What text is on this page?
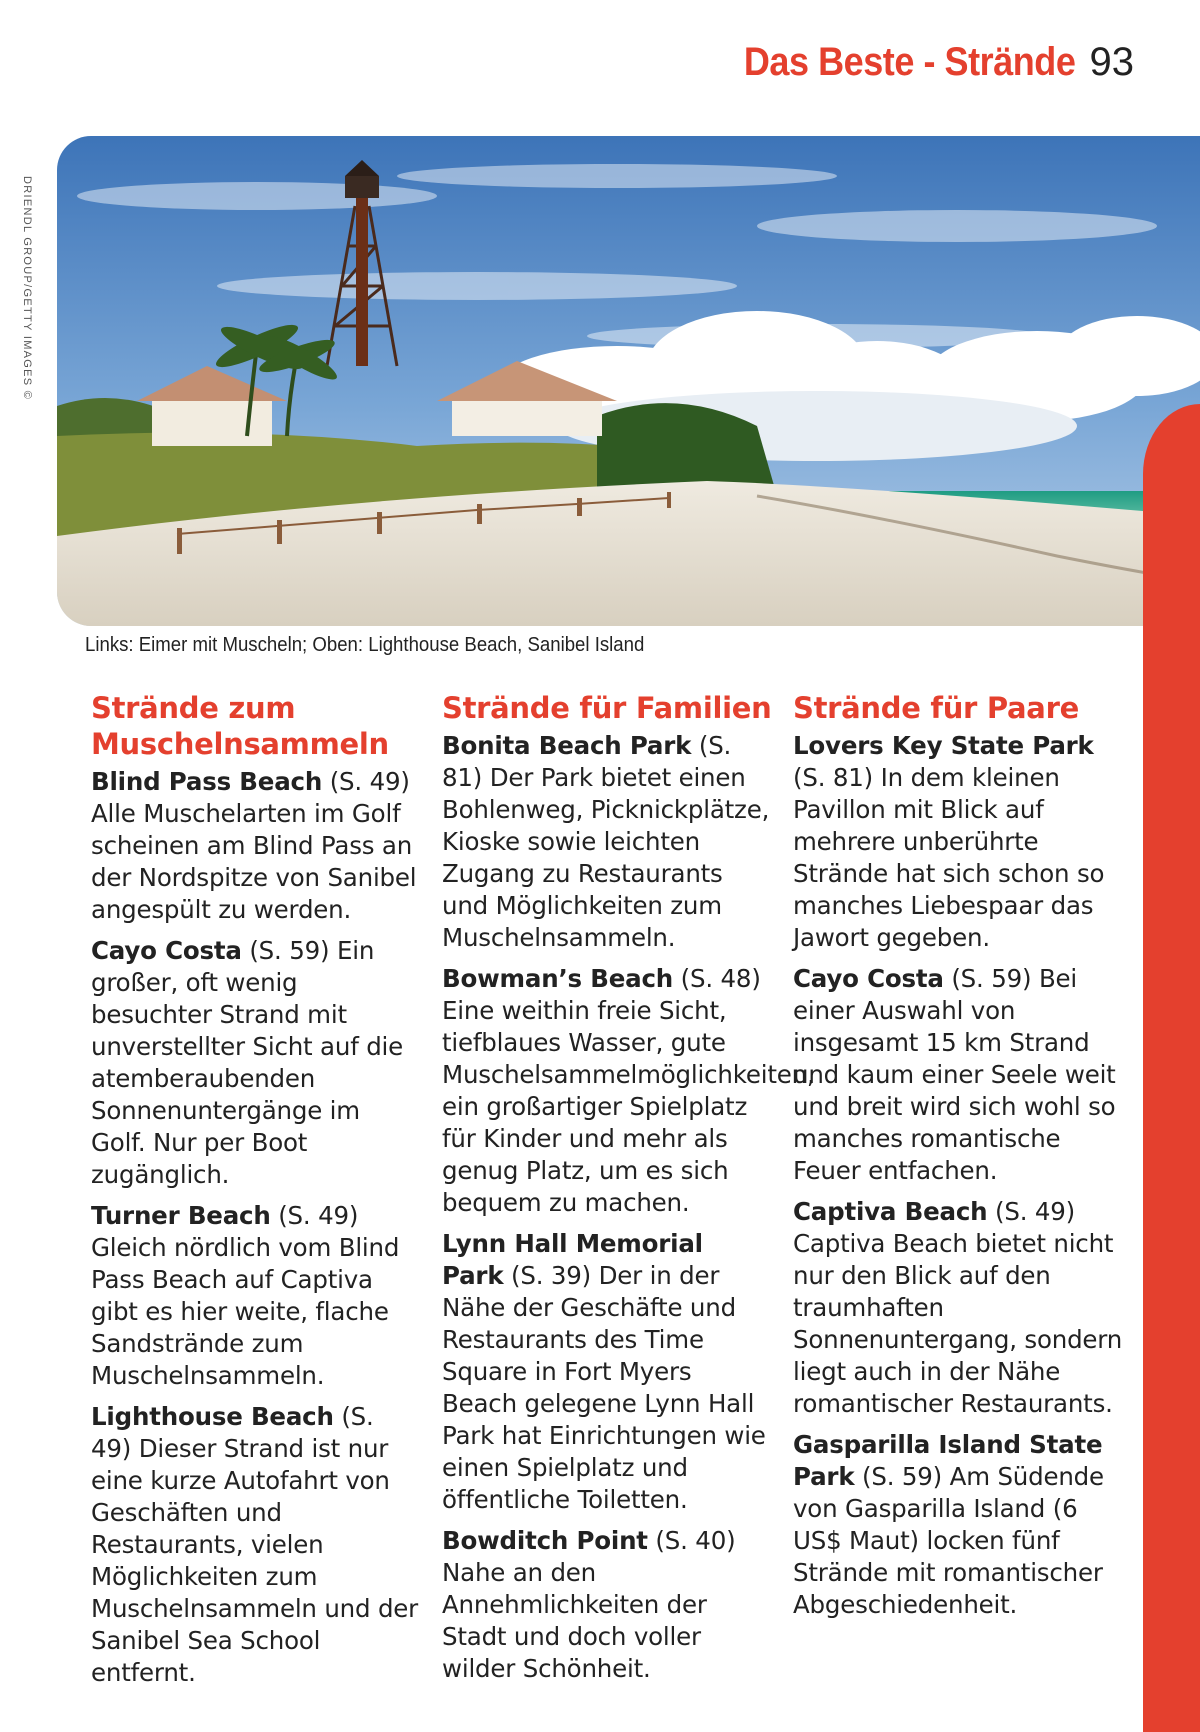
Das Beste - Strände 93
DRIENDL GROUP/GETTY IMAGES ©
Links: Eimer mit Muscheln; Oben: Lighthouse Beach, Sanibel Island
Strände zum Muschelnsammeln

Blind Pass Beach (S. 49) Alle Muschelarten im Golf scheinen am Blind Pass an der Nordspitze von Sanibel angespült zu werden.

Cayo Costa (S. 59) Ein großer, oft wenig besuchter Strand mit unverstellter Sicht auf die atemberaubenden Sonnenuntergänge im Golf. Nur per Boot zugänglich.

Turner Beach (S. 49) Gleich nördlich vom Blind Pass Beach auf Captiva gibt es hier weite, flache Sandstrände zum Muschelnsammeln.

Lighthouse Beach (S. 49) Dieser Strand ist nur eine kurze Autofahrt von Geschäften und Restaurants, vielen Möglichkeiten zum Muschelnsammeln und der Sanibel Sea School entfernt.

Strände für Familien

Bonita Beach Park (S. 81) Der Park bietet einen Bohlenweg, Picknickplätze, Kioske sowie leichten Zugang zu Restaurants und Möglichkeiten zum Muschelnsammeln.

Bowman’s Beach (S. 48) Eine weithin freie Sicht, tiefblaues Wasser, gute Muschelsammelmöglichkeiten, ein großartiger Spielplatz für Kinder und mehr als genug Platz, um es sich bequem zu machen.

Lynn Hall Memorial Park (S. 39) Der in der Nähe der Geschäfte und Restaurants des Time Square in Fort Myers Beach gelegene Lynn Hall Park hat Einrichtungen wie einen Spielplatz und öffentliche Toiletten.

Bowditch Point (S. 40) Nahe an den Annehmlichkeiten der Stadt und doch voller wilder Schönheit.

Strände für Paare

Lovers Key State Park (S. 81) In dem kleinen Pavillon mit Blick auf mehrere unberührte Strände hat sich schon so manches Liebespaar das Jawort gegeben.

Cayo Costa (S. 59) Bei einer Auswahl von insgesamt 15 km Strand und kaum einer Seele weit und breit wird sich wohl so manches romantische Feuer entfachen.

Captiva Beach (S. 49) Captiva Beach bietet nicht nur den Blick auf den traumhaften Sonnenuntergang, sondern liegt auch in der Nähe romantischer Restaurants.

Gasparilla Island State Park (S. 59) Am Südende von Gasparilla Island (6 US$ Maut) locken fünf Strände mit romantischer Abgeschiedenheit.
